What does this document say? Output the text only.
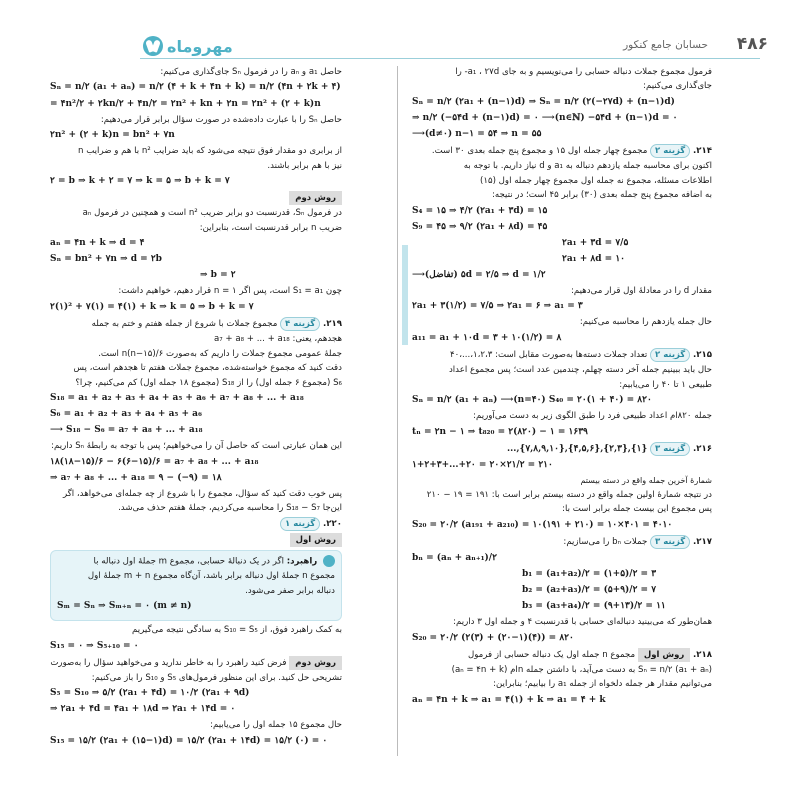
مهروماه	حسابان جامع کنکور ۴۸۶
فرمول مجموع جملات دنباله حسابی را می‌نویسیم و به جای a₁ ، ۲۷d- را
جای‌گذاری می‌کنیم:
Sₙ = n/۲ (۲a₁ + (n−۱)d) ⇒ Sₙ = n/۲ (۲(−۲۷d) + (n−۱)d)
⇒ n/۲ (−۵۴d + (n−۱)d) = ۰ ⟶(n∈ℕ) −۵۴d + (n−۱)d = ۰
⟶(d≠۰) n−۱ = ۵۴ ⇒ n = ۵۵
۲۱۴. گزینه ۲ مجموع چهار جمله اول ۱۵ و مجموع پنج جمله بعدی ۳۰ است.
اکنون برای محاسبه جمله یازدهم دنباله به a₁ و d نیاز داریم. با توجه به
اطلاعات مسئله، مجموع نه جمله اول مجموع چهار جمله اول (۱۵)
به اضافه مجموع پنج جمله بعدی (۳۰) برابر ۴۵ است؛ در نتیجه:
S₄ = ۱۵ ⇒ ۴/۲ (۲a₁ + ۳d) = ۱۵
S₉ = ۴۵ ⇒ ۹/۲ (۲a₁ + ۸d) = ۴۵
۲a₁ + ۳d = ۷/۵
۲a₁ + ۸d = ۱۰
⟶(تفاضل) ۵d = ۲/۵ ⇒ d = ۱/۲
مقدار d را در معادلهٔ اول قرار می‌دهیم:
۲a₁ + ۳(۱/۲) = ۷/۵ ⇒ ۲a₁ = ۶ ⇒ a₁ = ۳
حال جمله یازدهم را محاسبه می‌کنیم:
a₁₁ = a₁ + ۱۰d = ۳ + ۱۰(۱/۲) = ۸
۲۱۵. گزینه ۲ تعداد جملات دسته‌ها به‌صورت مقابل است: ۱،۲،۳،...،۴۰
حال باید ببینیم جمله آخر دسته چهلم، چندمین عدد است؛ پس مجموع اعداد
طبیعی ۱ تا ۴۰ را می‌یابیم:
Sₙ = n/۲ (a₁ + aₙ) ⟶(n=۴۰) S₄₀ = ۲۰(۱ + ۴۰) = ۸۲۰
جمله ۸۲۰ام اعداد طبیعی فرد را طبق الگوی زیر به دست می‌آوریم:
tₙ = ۲n − ۱ ⇒ t₈₂₀ = ۲(۸۲۰) − ۱ = ۱۶۳۹
۲۱۶. گزینه ۳ {۱},{۲,۳},{۴,۵,۶},{۷,۸,۹,۱۰},...
۱+۲+۳+...+۲۰ = ۲۰×۲۱/۲ = ۲۱۰
شمارهٔ آخرین جمله واقع در دسته بیستم
در نتیجه شمارهٔ اولین جمله واقع در دسته بیستم برابر است با: ۱۹۱ = ۱۹ − ۲۱۰
پس مجموع این بیست جمله برابر است با:
S₂₀ = ۲۰/۲ (a₁₉₁ + a₂₁₀) = ۱۰(۱۹۱ + ۲۱۰) = ۱۰×۴۰۱ = ۴۰۱۰
۲۱۷. گزینه ۳ جملات bₙ را می‌سازیم:
bₙ = (aₙ + aₙ₊₁)/۲
b₁ = (a₁+a₂)/۲ = (۱+۵)/۲ = ۳
b₂ = (a₂+a₃)/۲ = (۵+۹)/۲ = ۷
b₃ = (a₃+a₄)/۲ = (۹+۱۳)/۲ = ۱۱
همان‌طور که می‌بینید دنباله‌ای حسابی با قدرنسبت ۴ و جمله اول ۳ داریم:
S₂₀ = ۲۰/۲ (۲(۳) + (۲۰−۱)(۴)) = ۸۲۰
۲۱۸. روش اول مجموع n جمله اول یک دنباله حسابی از فرمول
Sₙ = n/۲ (a₁ + aₙ) به دست می‌آید، با داشتن جمله nام (aₙ = ۴n + k)
می‌توانیم مقدار هر جمله دلخواه از جمله a₁ را بیابیم؛ بنابراین:
aₙ = ۴n + k ⇒ a₁ = ۴(۱) + k ⇒ a₁ = ۴ + k
حاصل a₁ و aₙ را در فرمول Sₙ جای‌گذاری می‌کنیم:
Sₙ = n/۲ (a₁ + aₙ) = n/۲ (۴ + k + ۴n + k) = n/۲ (۴n + ۲k + ۴)
= ۴n²/۲ + ۲kn/۲ + ۴n/۲ = ۲n² + kn + ۲n = ۲n² + (۲ + k)n
حاصل Sₙ را با عبارت داده‌شده در صورت سؤال برابر قرار می‌دهیم:
۲n² + (۲ + k)n = bn² + ۷n
از برابری دو مقدار فوق نتیجه می‌شود که باید ضرایب n² با هم و ضرایب n
نیز با هم برابر باشند.
۲ = b ⇒ k + ۲ = ۷ ⇒ k = ۵ ⇒ b + k = ۷
روش دوم
در فرمول Sₙ، قدرنسبت دو برابر ضریب n² است و همچنین در فرمول aₙ
ضریب n برابر قدرنسبت است، بنابراین:
aₙ = ۴n + k ⇒ d = ۴
Sₙ = bn² + ۷n ⇒ d = ۲b
⇒ b = ۲
چون S₁ = a₁ است، پس اگر n = ۱ قرار دهیم، خواهیم داشت:
۲(۱)² + ۷(۱) = ۴(۱) + k ⇒ k = ۵ ⇒ b + k = ۷
۲۱۹. گزینه ۴ مجموع جملات با شروع از جمله هفتم و ختم به جمله
هجدهم، یعنی: a₇ + a₈ + ... + a₁₈
جملهٔ عمومی مجموع جملات را داریم که به‌صورت n(n−۱۵)/۶ است.
دقت کنید که مجموع خواسته‌شده، مجموع جملات هفتم تا هجدهم است، پس
S₆ (مجموع ۶ جمله اول) را از S₁₈ (مجموع ۱۸ جمله اول) کم می‌کنیم، چرا؟
S₁₈ = a₁ + a₂ + a₃ + a₄ + a₅ + a₆ + a₇ + a₈ + ... + a₁₈
S₆ = a₁ + a₂ + a₃ + a₄ + a₅ + a₆
⟶ S₁₈ − S₆ = a₇ + a₈ + ... + a₁₈
این همان عبارتی است که حاصل آن را می‌خواهیم؛ پس با توجه به رابطهٔ Sₙ داریم:
۱۸(۱۸−۱۵)/۶ − ۶(۶−۱۵)/۶ = a₇ + a₈ + ... + a₁₈
⇒ a₇ + a₈ + ... + a₁₈ = ۹ − (−۹) = ۱۸
پس خوب دقت کنید که سؤال، مجموع را با شروع از چه جمله‌ای می‌خواهد، اگر
این‌جا S₁₈ − S₇ را محاسبه می‌کردیم، جملهٔ هفتم حذف می‌شد.
۲۲۰. گزینه ۱
روش اول
راهبرد: اگر در یک دنبالهٔ حسابی، مجموع m جملهٔ اول دنباله با
مجموع n جملهٔ اول دنباله برابر باشد، آن‌گاه مجموع m + n جملهٔ اول
دنباله برابر صفر می‌شود.
Sₘ = Sₙ ⇒ Sₘ₊ₙ = ۰ (m ≠ n)
به کمک راهبرد فوق، از S₁₀ = S₅ به سادگی نتیجه می‌گیریم
S₁₅ = ۰ ⇒ S₅₊₁₀ = ۰
روش دوم فرض کنید راهبرد را به خاطر ندارید و می‌خواهید سؤال را به‌صورت
تشریحی حل کنید. برای این منظور فرمول‌های S₅ و S₁₀ را باز می‌کنیم:
S₅ = S₁₀ ⇒ ۵/۲ (۲a₁ + ۴d) = ۱۰/۲ (۲a₁ + ۹d)
⇒ ۲a₁ + ۴d = ۴a₁ + ۱۸d ⇒ ۲a₁ + ۱۴d = ۰
حال مجموع ۱۵ جمله اول را می‌یابیم:
S₁₅ = ۱۵/۲ (۲a₁ + (۱۵−۱)d) = ۱۵/۲ (۲a₁ + ۱۴d) = ۱۵/۲ (۰) = ۰
